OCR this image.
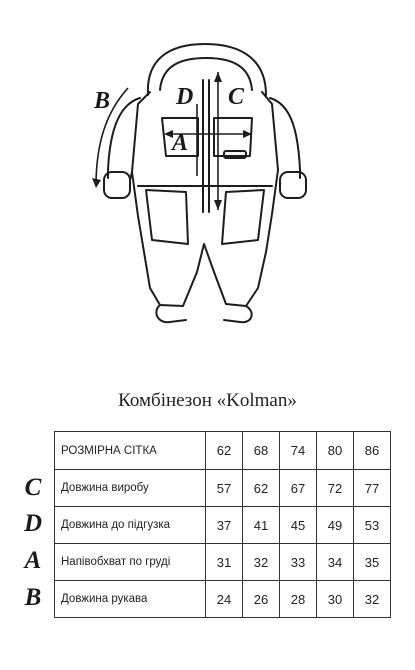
B	D C
A
Комбінезон «Kolman»
C
D
A
B
РОЗМІРНА СІТКА	62	68	74	80	86
Довжина виробу	57	62	67	72	77
Довжина до підгузка	37	41	45	49	53
Напівобхват по груді	31	32	33	34	35
Довжина рукава	24	26	28	30	32
